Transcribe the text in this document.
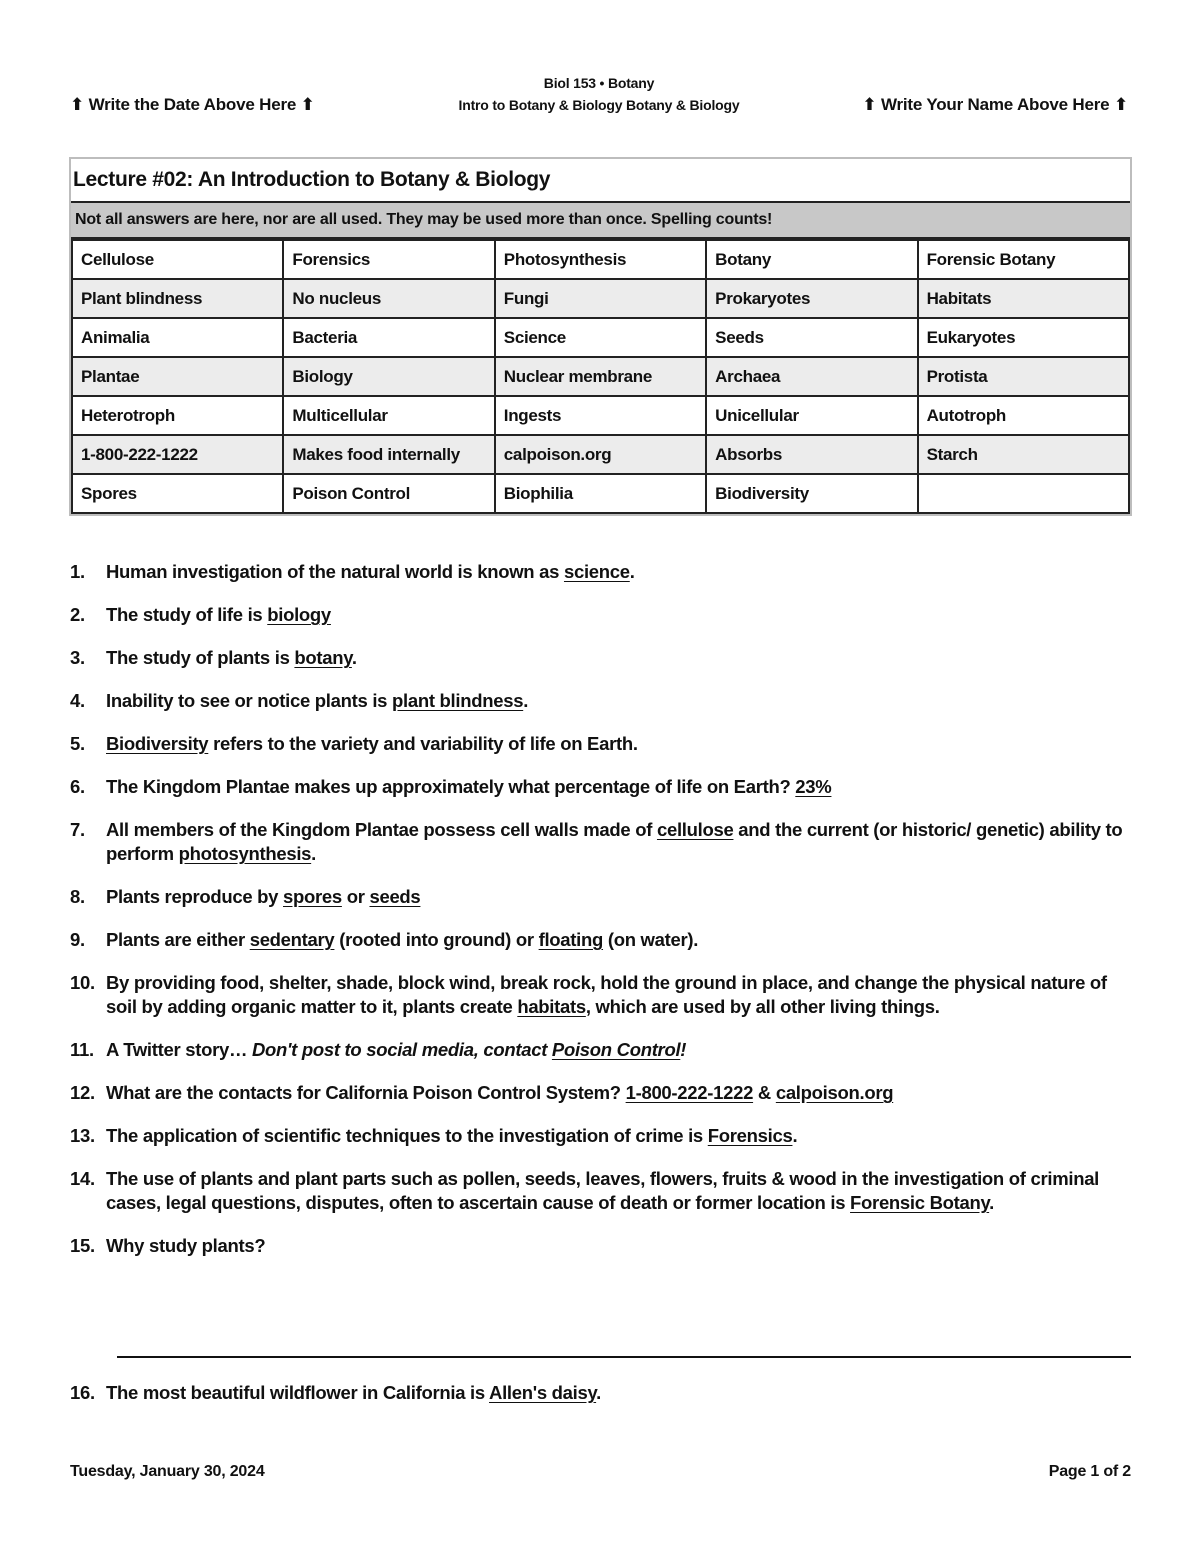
⬆ Write the Date Above Here ⬆
Biol 153 • Botany
Intro to Botany & Biology Botany & Biology	⬆ Write Your Name Above Here ⬆
Lecture #02: An Introduction to Botany & Biology
Not all answers are here, nor are all used. They may be used more than once. Spelling counts!
Cellulose	Forensics	Photosynthesis	Botany	Forensic Botany
Plant blindness	No nucleus	Fungi	Prokaryotes	Habitats
Animalia	Bacteria	Science	Seeds	Eukaryotes
Plantae	Biology	Nuclear membrane	Archaea	Protista
Heterotroph	Multicellular	Ingests	Unicellular	Autotroph
1-800-222-1222	Makes food internally	calpoison.org	Absorbs	Starch
Spores	Poison Control	Biophilia	Biodiversity	
1. Human investigation of the natural world is known as science.
2. The study of life is biology
3. The study of plants is botany.
4. Inability to see or notice plants is plant blindness.
5. Biodiversity refers to the variety and variability of life on Earth.
6. The Kingdom Plantae makes up approximately what percentage of life on Earth? 23%
7. All members of the Kingdom Plantae possess cell walls made of cellulose and the current (or historic/ genetic) ability to perform photosynthesis.
8. Plants reproduce by spores or seeds
9. Plants are either sedentary (rooted into ground) or floating (on water).
10. By providing food, shelter, shade, block wind, break rock, hold the ground in place, and change the physical nature of soil by adding organic matter to it, plants create habitats, which are used by all other living things.
11. A Twitter story… Don't post to social media, contact Poison Control!
12. What are the contacts for California Poison Control System? 1-800-222-1222 & calpoison.org
13. The application of scientific techniques to the investigation of crime is Forensics.
14. The use of plants and plant parts such as pollen, seeds, leaves, flowers, fruits & wood in the investigation of criminal cases, legal questions, disputes, often to ascertain cause of death or former location is Forensic Botany.
15. Why study plants?
16. The most beautiful wildflower in California is Allen's daisy.
Tuesday, January 30, 2024	Page 1 of 2
